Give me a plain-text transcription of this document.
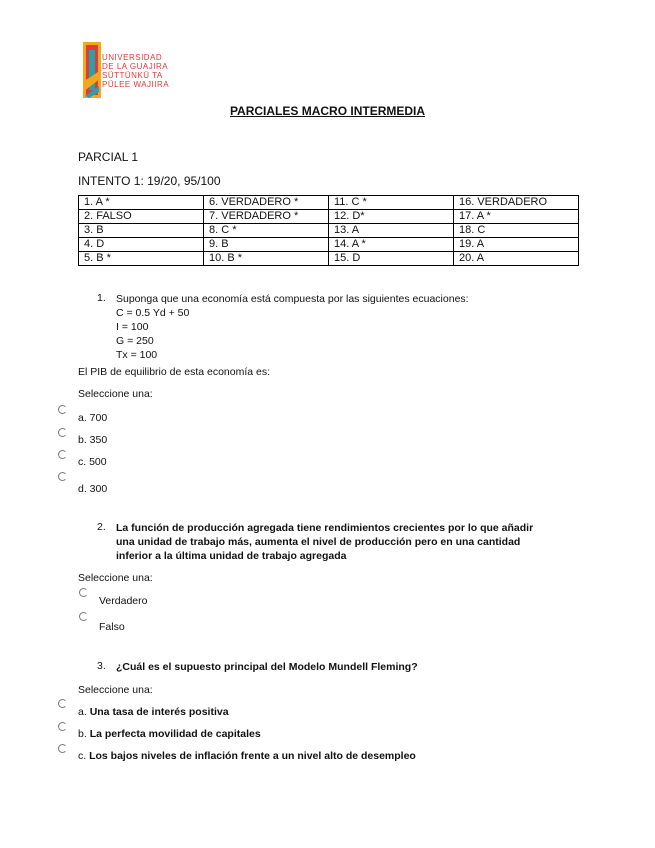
UNIVERSIDAD
DE LA GUAJIRA
SÜTTÜNKÜ TA
PÜLEE WAJIIRA
PARCIALES MACRO INTERMEDIA
PARCIAL 1
INTENTO 1: 19/20, 95/100
1. A *	6. VERDADERO *	11. C *	16. VERDADERO
2. FALSO	7. VERDADERO *	12. D*	17. A *
3. B	8. C *	13. A	18. C
4. D	9. B	14. A *	19. A
5. B *	10. B *	15. D	20. A
1. Suponga que una economía está compuesta por las siguientes ecuaciones:
C = 0.5 Yd + 50
I = 100
G = 250
Tx = 100
El PIB de equilibrio de esta economía es:
Seleccione una:
a. 700
b. 350
c. 500
d. 300
2. La función de producción agregada tiene rendimientos crecientes por lo que añadir
una unidad de trabajo más, aumenta el nivel de producción pero en una cantidad
inferior a la última unidad de trabajo agregada
Seleccione una:
Verdadero
Falso
3. ¿Cuál es el supuesto principal del Modelo Mundell Fleming?
Seleccione una:
a. Una tasa de interés positiva
b. La perfecta movilidad de capitales
c. Los bajos niveles de inflación frente a un nivel alto de desempleo
